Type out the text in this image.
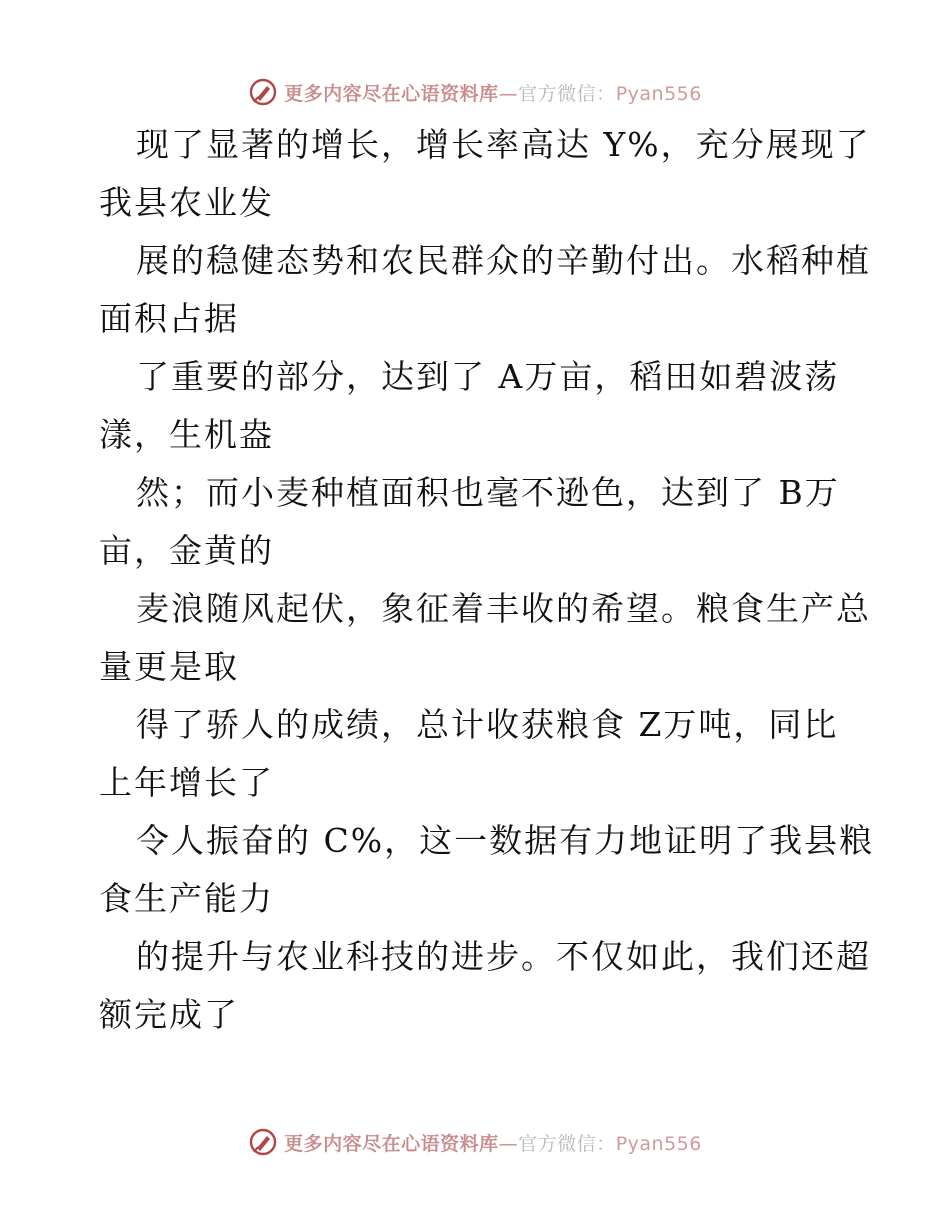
更多内容尽在心语资料库—官方微信：Pyan556

现了显著的增长，增长率高达 Y%，充分展现了
我县农业发

展的稳健态势和农民群众的辛勤付出。水稻种植
面积占据

了重要的部分，达到了 A万亩，稻田如碧波荡
漾，生机盎

然；而小麦种植面积也毫不逊色，达到了 B万
亩，金黄的

麦浪随风起伏，象征着丰收的希望。粮食生产总
量更是取

得了骄人的成绩，总计收获粮食 Z万吨，同比
上年增长了

令人振奋的 C%，这一数据有力地证明了我县粮
食生产能力

的提升与农业科技的进步。不仅如此，我们还超
额完成了

更多内容尽在心语资料库—官方微信：Pyan556
